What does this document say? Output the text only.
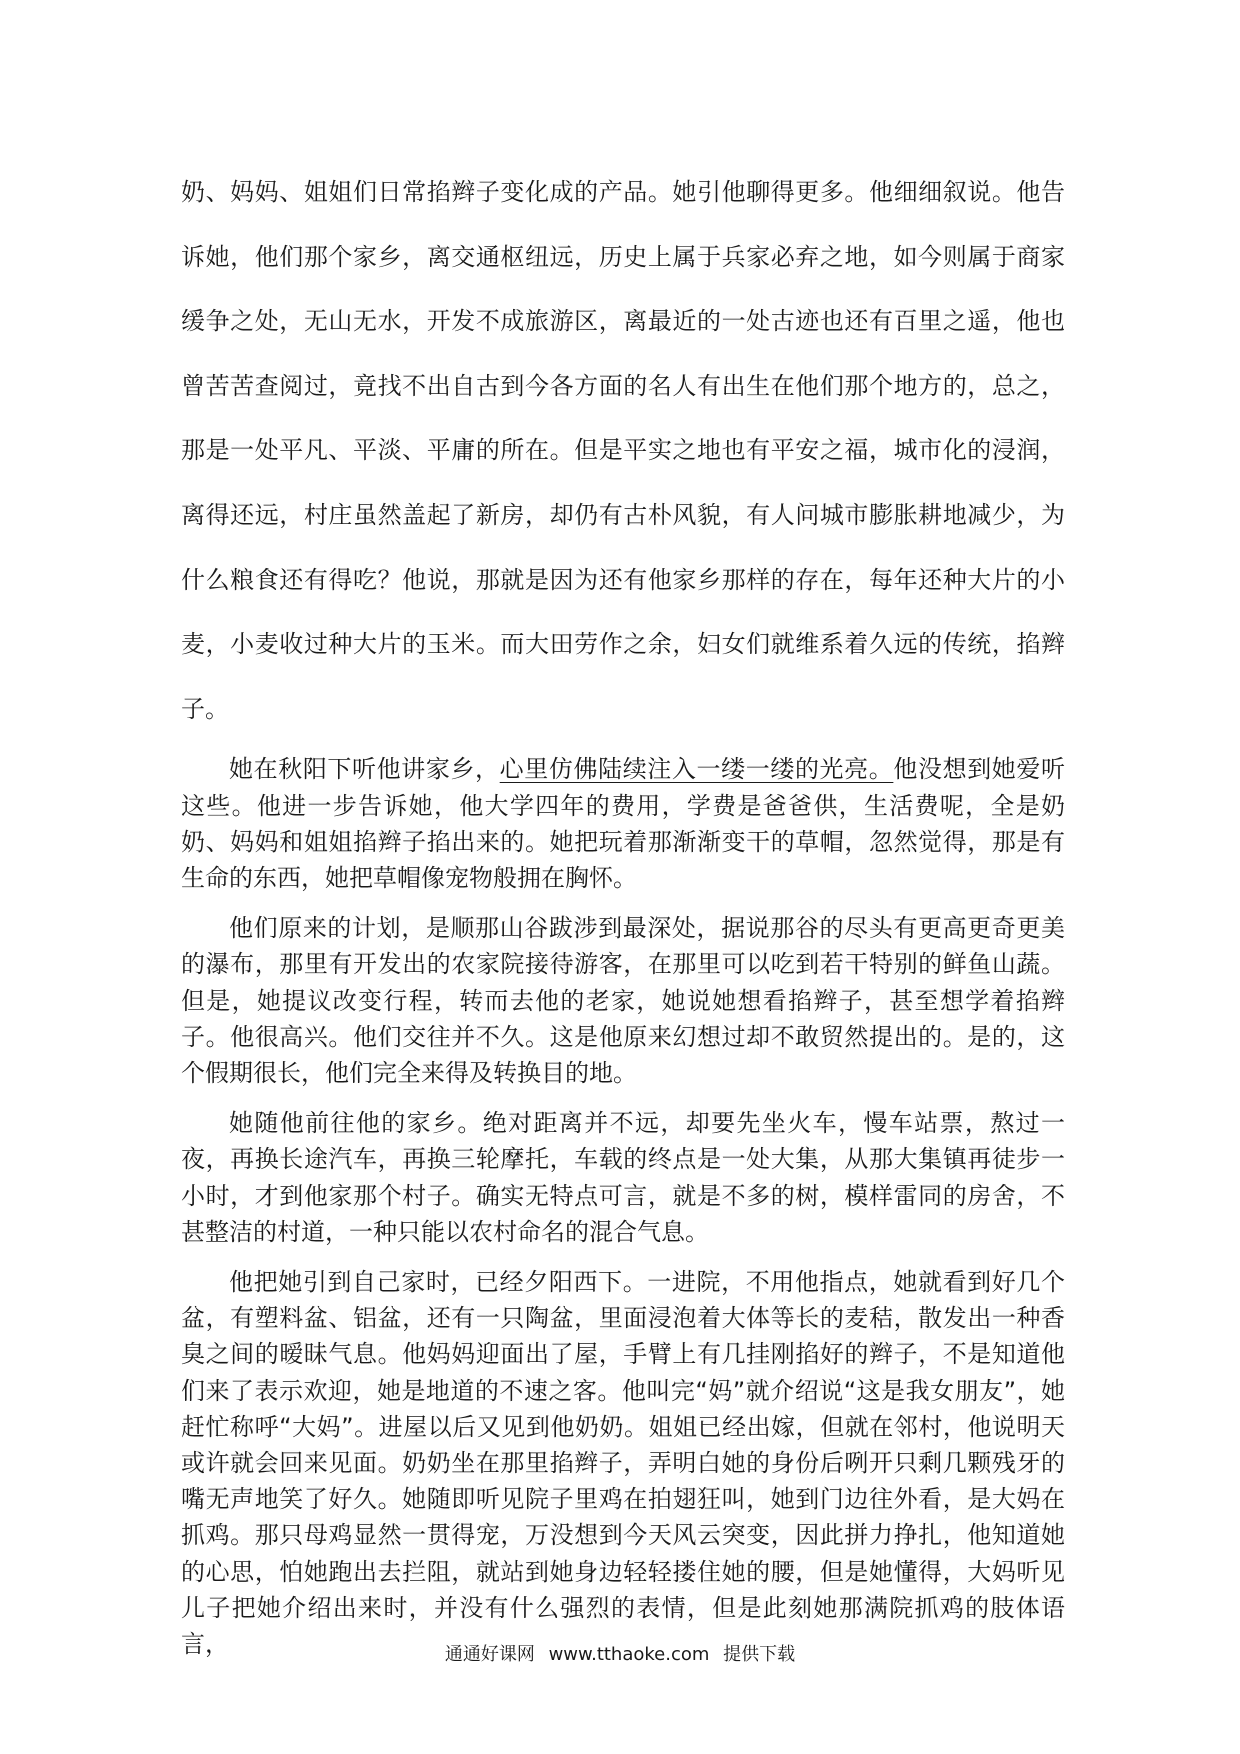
奶、妈妈、姐姐们日常掐辫子变化成的产品。她引他聊得更多。他细细叙说。他告诉她，他们那个家乡，离交通枢纽远，历史上属于兵家必弃之地，如今则属于商家缓争之处，无山无水，开发不成旅游区，离最近的一处古迹也还有百里之遥，他也曾苦苦查阅过，竟找不出自古到今各方面的名人有出生在他们那个地方的，总之，那是一处平凡、平淡、平庸的所在。但是平实之地也有平安之福，城市化的浸润，离得还远，村庄虽然盖起了新房，却仍有古朴风貌，有人问城市膨胀耕地减少，为什么粮食还有得吃？他说，那就是因为还有他家乡那样的存在，每年还种大片的小麦，小麦收过种大片的玉米。而大田劳作之余，妇女们就维系着久远的传统，掐辫子。

她在秋阳下听他讲家乡，心里仿佛陆续注入一缕一缕的光亮。他没想到她爱听这些。他进一步告诉她，他大学四年的费用，学费是爸爸供，生活费呢，全是奶奶、妈妈和姐姐掐辫子掐出来的。她把玩着那渐渐变干的草帽，忽然觉得，那是有生命的东西，她把草帽像宠物般拥在胸怀。

他们原来的计划，是顺那山谷跋涉到最深处，据说那谷的尽头有更高更奇更美的瀑布，那里有开发出的农家院接待游客，在那里可以吃到若干特别的鲜鱼山蔬。但是，她提议改变行程，转而去他的老家，她说她想看掐辫子，甚至想学着掐辫子。他很高兴。他们交往并不久。这是他原来幻想过却不敢贸然提出的。是的，这个假期很长，他们完全来得及转换目的地。

她随他前往他的家乡。绝对距离并不远，却要先坐火车，慢车站票，熬过一夜，再换长途汽车，再换三轮摩托，车载的终点是一处大集，从那大集镇再徒步一小时，才到他家那个村子。确实无特点可言，就是不多的树，模样雷同的房舍，不甚整洁的村道，一种只能以农村命名的混合气息。

他把她引到自己家时，已经夕阳西下。一进院，不用他指点，她就看到好几个盆，有塑料盆、铝盆，还有一只陶盆，里面浸泡着大体等长的麦秸，散发出一种香臭之间的暧昧气息。他妈妈迎面出了屋，手臂上有几挂刚掐好的辫子，不是知道他们来了表示欢迎，她是地道的不速之客。他叫完“妈”就介绍说“这是我女朋友”，她赶忙称呼“大妈”。进屋以后又见到他奶奶。姐姐已经出嫁，但就在邻村，他说明天或许就会回来见面。奶奶坐在那里掐辫子，弄明白她的身份后咧开只剩几颗残牙的嘴无声地笑了好久。她随即听见院子里鸡在拍翅狂叫，她到门边往外看，是大妈在抓鸡。那只母鸡显然一贯得宠，万没想到今天风云突变，因此拼力挣扎，他知道她的心思，怕她跑出去拦阻，就站到她身边轻轻搂住她的腰，但是她懂得，大妈听见儿子把她介绍出来时，并没有什么强烈的表情，但是此刻她那满院抓鸡的肢体语言，	通通好课网 www.tthaoke.com 提供下载
